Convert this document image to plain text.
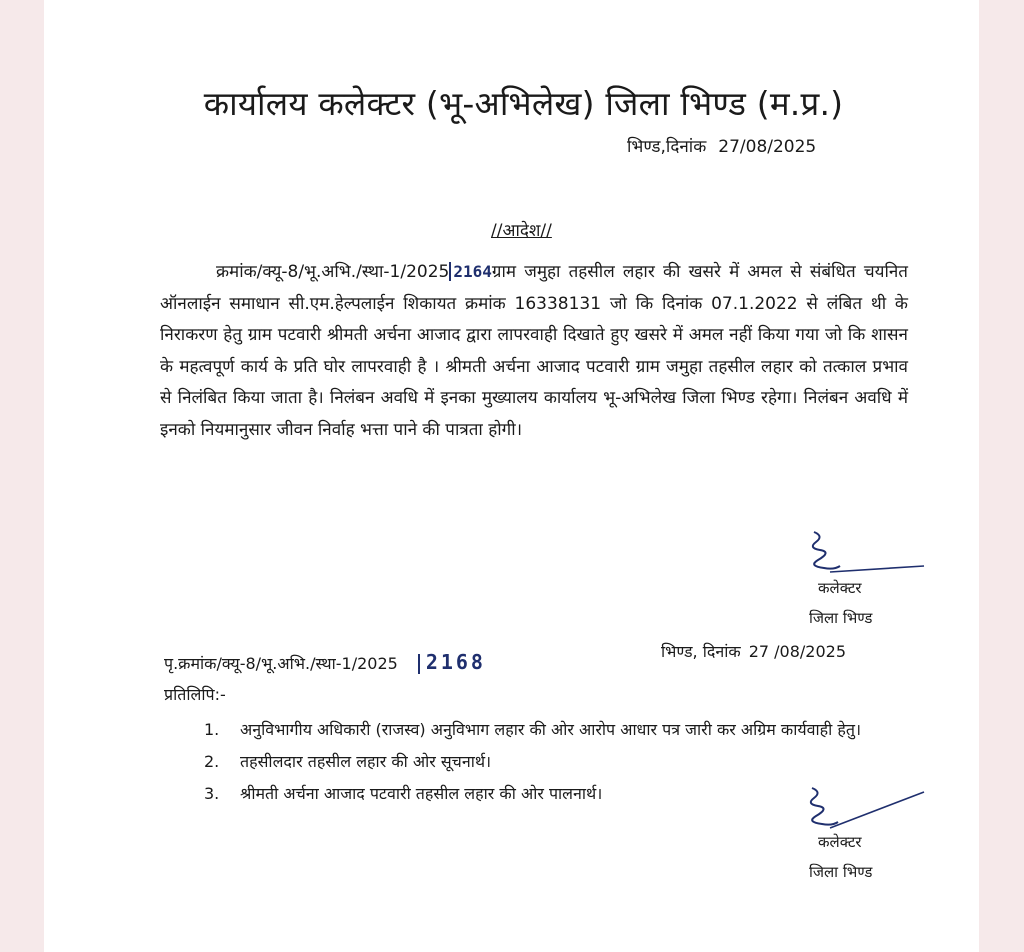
कार्यालय कलेक्टर (भू-अभिलेख) जिला भिण्ड (म.प्र.)
भिण्ड,दिनांक 27/08/2025
//आदेश//

क्रमांक/क्यू-8/भू.अभि./स्था-1/2025 2164ग्राम जमुहा तहसील लहार की खसरे में अमल से संबंधित चयनित ऑनलाईन समाधान सी.एम.हेल्पलाईन शिकायत क्रमांक 16338131 जो कि दिनांक 07.1.2022 से लंबित थी के निराकरण हेतु ग्राम पटवारी श्रीमती अर्चना आजाद द्वारा लापरवाही दिखाते हुए खसरे में अमल नहीं किया गया जो कि शासन के महत्वपूर्ण कार्य के प्रति घोर लापरवाही है । श्रीमती अर्चना आजाद पटवारी ग्राम जमुहा तहसील लहार को तत्काल प्रभाव से निलंबित किया जाता है। निलंबन अवधि में इनका मुख्यालय कार्यालय भू-अभिलेख जिला भिण्ड रहेगा। निलंबन अवधि में इनको नियमानुसार जीवन निर्वाह भत्ता पाने की पात्रता होगी।

कलेक्टर
जिला भिण्ड
पृ.क्रमांक/क्यू-8/भू.अभि./स्था-1/2025 2168	भिण्ड, दिनांक 27 /08/2025
प्रतिलिपि:-
1.	अनुविभागीय अधिकारी (राजस्व) अनुविभाग लहार की ओर आरोप आधार पत्र जारी कर अग्रिम कार्यवाही हेतु।
2.	तहसीलदार तहसील लहार की ओर सूचनार्थ।
3.	श्रीमती अर्चना आजाद पटवारी तहसील लहार की ओर पालनार्थ।
कलेक्टर
जिला भिण्ड
